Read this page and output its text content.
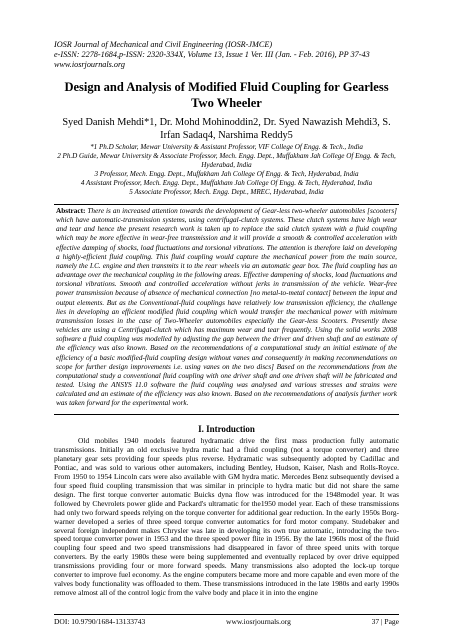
IOSR Journal of Mechanical and Civil Engineering (IOSR-JMCE)
e-ISSN: 2278-1684,p-ISSN: 2320-334X, Volume 13, Issue 1 Ver. III (Jan. - Feb. 2016), PP 37-43
www.iosrjournals.org
Design and Analysis of Modified Fluid Coupling for Gearless Two Wheeler
Syed Danish Mehdi*1, Dr. Mohd Mohinoddin2, Dr. Syed Nawazish Mehdi3, S. Irfan Sadaq4, Narshima Reddy5
*1 Ph.D Scholar, Mewar University & Assistant Professor, VIF College Of Engg. & Tech., India
2 Ph.D Guide, Mewar University & Associate Professor, Mech. Engg. Dept., Muffakham Jah College Of Engg. & Tech, Hyderabad, India
3 Professor, Mech. Engg. Dept., Muffakham Jah College Of Engg. & Tech, Hyderabad, India
4 Assistant Professor, Mech. Engg. Dept., Muffakham Jah College Of Engg. & Tech, Hyderabad, India
5 Associate Professor, Mech. Engg. Dept., MREC, Hyderabad, India
Abstract: There is an increased attention towards the development of Gear-less two-wheeler automobiles [scooters] which have automatic-transmission systems, using centrifugal-clutch systems. These clutch systems have high wear and tear and hence the present research work is taken up to replace the said clutch system with a fluid coupling which may be more effective in wear-free transmission and it will provide a smooth & controlled acceleration with effective damping of shocks, load fluctuations and torsional vibrations. The attention is therefore laid on developing a highly-efficient fluid coupling. This fluid coupling would capture the mechanical power from the main source, namely the I.C. engine and then transmits it to the rear wheels via an automatic gear box. The fluid coupling has an advantage over the mechanical coupling in the following areas. Effective dampening of shocks, load fluctuations and torsional vibrations. Smooth and controlled acceleration without jerks in transmission of the vehicle. Wear-free power transmission because of absence of mechanical connection [no metal-to-metal contact] between the input and output elements. But as the Conventional-fluid couplings have relatively low transmission efficiency, the challenge lies in developing an efficient modified fluid coupling which would transfer the mechanical power with minimum transmission losses in the case of Two-Wheeler automobiles especially the Gear-less Scooters. Presently these vehicles are using a Centrifugal-clutch which has maximum wear and tear frequently. Using the solid works 2008 software a fluid coupling was modelled by adjusting the gap between the driver and driven shaft and an estimate of the efficiency was also known. Based on the recommendations of a computational study an initial estimate of the efficiency of a basic modified-fluid coupling design without vanes and consequently in making recommendations on scope for further design improvements i.e. using vanes on the two discs] Based on the recommendations from the computational study a conventional fluid coupling with one driver shaft and one driven shaft will be fabricated and tested. Using the ANSYS 11.0 software the fluid coupling was analysed and various stresses and strains were calculated and an estimate of the efficiency was also known. Based on the recommendations of analysis further work was taken forward for the experimental work.
I. Introduction
Old mobiles 1940 models featured hydramatic drive the first mass production fully automatic transmissions. Initially an old exclusive hydra matic had a fluid coupling (not a torque converter) and three planetary gear sets providing four speeds plus reverse. Hydramatic was subsequently adopted by Cadillac and Pontiac, and was sold to various other automakers, including Bentley, Hudson, Kaiser, Nash and Rolls-Royce. From 1950 to 1954 Lincoln cars were also available with GM hydra matic. Mercedes Benz subsequently devised a four speed fluid coupling transmission that was similar in principle to hydra matic but did not share the same design. The first torque converter automatic Buicks dyna flow was introduced for the 1948model year. It was followed by Chevrolets power glide and Packard's ultramatic for the1950 model year. Each of these transmissions had only two forward speeds relying on the torque converter for additional gear reduction. In the early 1950s Borg-warner developed a series of three speed torque converter automatics for ford motor company. Studebaker and several foreign independent makes Chrysler was late in developing its own true automatic, introducing the two-speed torque converter power in 1953 and the three speed power flite in 1956. By the late 1960s most of the fluid coupling four speed and two speed transmissions had disappeared in favor of three speed units with torque converters. By the early 1980s these were being supplemented and eventually replaced by over drive equipped transmissions providing four or more forward speeds. Many transmissions also adopted the lock-up torque converter to improve fuel economy. As the engine computers became more and more capable and even more of the valves body functionality was offloaded to them. These transmissions introduced in the late 1980s and early 1990s remove almost all of the control logic from the valve body and place it in into the engine
DOI: 10.9790/1684-13133743	www.iosrjournals.org	37 | Page
